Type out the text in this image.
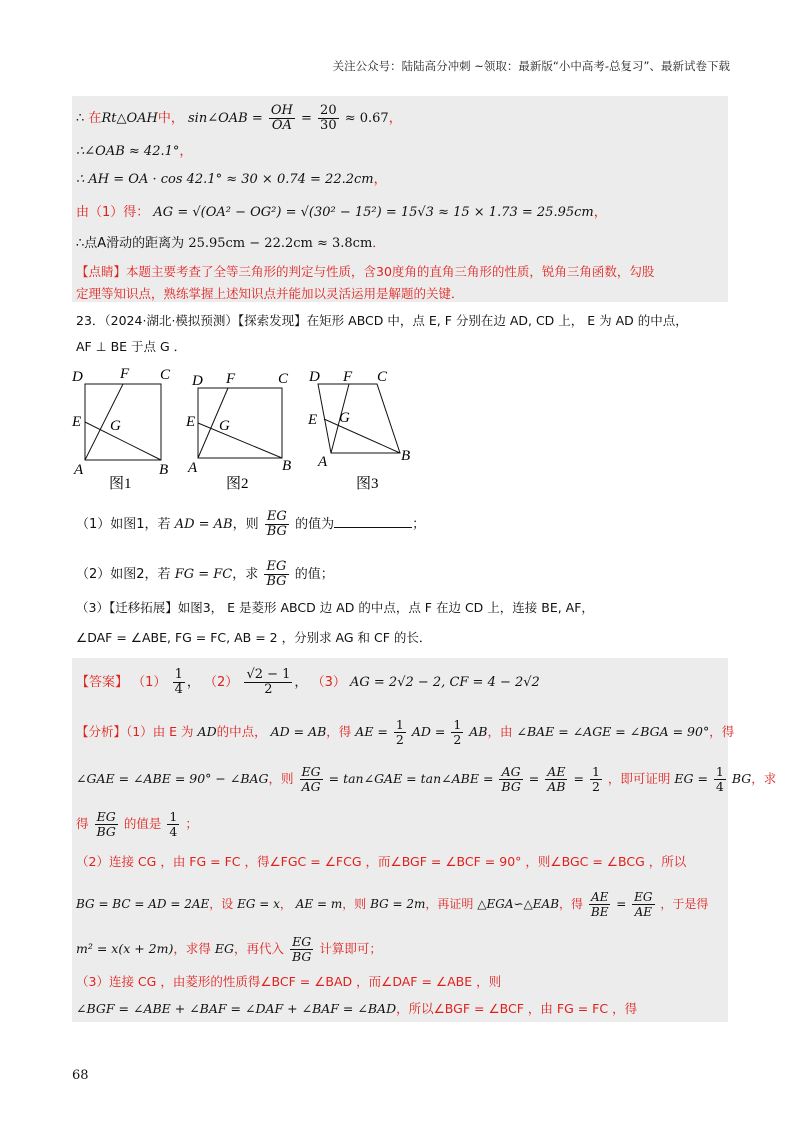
关注公众号：陆陆高分冲刺 ~领取：最新版“小中高考-总复习”、最新试卷下载
∴ 在Rt△OAH中， sin∠OAB = $\frac{OH}{OA} = \frac{20}{30} \approx 0.67$，
∴∠OAB ≈ 42.1°，
∴ AH = OA · cos 42.1° ≈ 30 × 0.74 = 22.2cm，
由（1）得： AG = √(OA² − OG²) = √(30² − 15²) = 15√3 ≈ 15 × 1.73 = 25.95cm，
∴点A滑动的距离为 25.95cm − 22.2cm ≈ 3.8cm．
【点睛】本题主要考查了全等三角形的判定与性质，含30度角的直角三角形的性质，锐角三角函数，勾股
定理等知识点，熟练掌握上述知识点并能加以灵活运用是解题的关键．
23．（2024·湖北·模拟预测）【探索发现】在矩形 ABCD 中，点 E, F 分别在边 AD, CD 上， E 为 AD 的中点，
AF ⊥ BE 于点 G ．
D F C
E G
A	B
图1
D F	C
E G
A	B
图2
D F C
E G
A	B
图3
（1）如图1，若 AD = AB，则 $\frac{EG}{BG}$ 的值为	；
（2）如图2，若 FG = FC，求 $\frac{EG}{BG}$ 的值；
（3）【迁移拓展】如图3， E 是菱形 ABCD 边 AD 的中点，点 F 在边 CD 上，连接 BE, AF，
∠DAF = ∠ABE, FG = FC, AB = 2 ，分别求 AG 和 CF 的长．
【答案】 $(1) \frac{1}{4}$ ， $(2) \frac{√2 - 1}{2}$ ， （3） AG = 2√2 − 2, CF = 4 − 2√2
【分析】（1）由 E 为 AD的中点， AD = AB，得 AE = $\frac{1}{2}$ AD = $\frac{1}{2}$ AB，由 ∠BAE = ∠AGE = ∠BGA = 90°，得
∠GAE = ∠ABE = 90° − ∠BAG，则 $\frac{EG}{AG}$ = tan∠GAE = tan∠ABE = $\frac{AG}{BG} = \frac{AE}{AB} = \frac{1}{2}$ ，即可证明 EG = $\frac{1}{4}$ BG，求
得 $\frac{EG}{BG}$ 的值是 $\frac{1}{4}$ ；
（2）连接 CG ，由 FG = FC ，得∠FGC = ∠FCG ，而∠BGF = ∠BCF = 90° ，则∠BGC = ∠BCG ，所以
BG = BC = AD = 2AE，设 EG = x， AE = m，则 BG = 2m，再证明 △EGA∽△EAB，得 $\frac{AE}{BE} = \frac{EG}{AE}$ ，于是得
m² = x(x + 2m)，求得 EG，再代入 $\frac{EG}{BG}$ 计算即可；
（3）连接 CG ，由菱形的性质得∠BCF = ∠BAD ，而∠DAF = ∠ABE ，则
∠BGF = ∠ABE + ∠BAF = ∠DAF + ∠BAF = ∠BAD，所以∠BGF = ∠BCF ，由 FG = FC ，得
68
